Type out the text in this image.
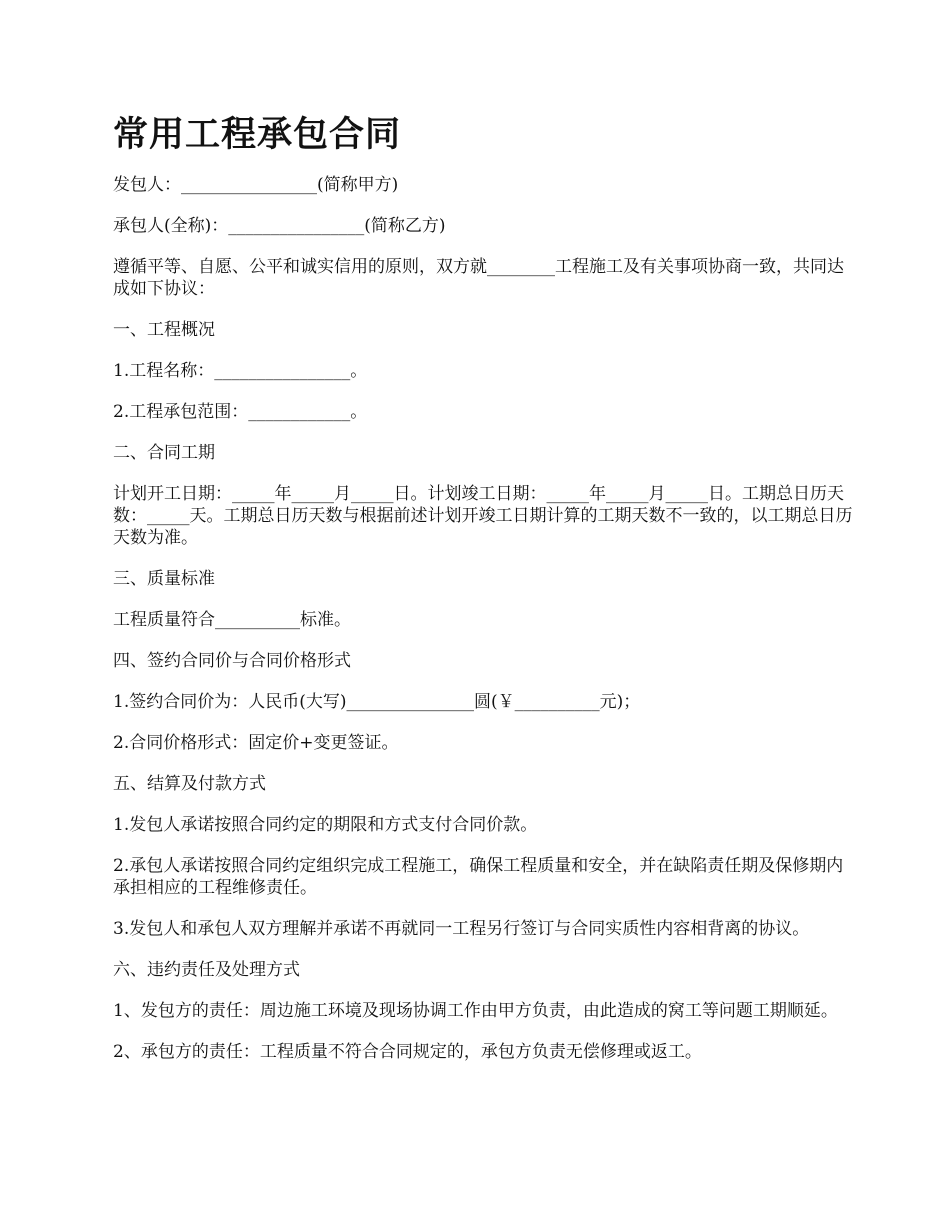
常用工程承包合同

发包人：________________(简称甲方)

承包人(全称)：________________(简称乙方)

遵循平等、自愿、公平和诚实信用的原则，双方就________工程施工及有关事项协商一致，共同达成如下协议：

一、工程概况

1.工程名称：________________。

2.工程承包范围：____________。

二、合同工期

计划开工日期：_____年_____月_____日。计划竣工日期：_____年_____月_____日。工期总日历天数：_____天。工期总日历天数与根据前述计划开竣工日期计算的工期天数不一致的，以工期总日历天数为准。

三、质量标准

工程质量符合__________标准。

四、签约合同价与合同价格形式

1.签约合同价为：人民币(大写)_______________圆(￥__________元)；

2.合同价格形式：固定价+变更签证。

五、结算及付款方式

1.发包人承诺按照合同约定的期限和方式支付合同价款。

2.承包人承诺按照合同约定组织完成工程施工，确保工程质量和安全，并在缺陷责任期及保修期内承担相应的工程维修责任。

3.发包人和承包人双方理解并承诺不再就同一工程另行签订与合同实质性内容相背离的协议。

六、违约责任及处理方式

1、发包方的责任：周边施工环境及现场协调工作由甲方负责，由此造成的窝工等问题工期顺延。

2、承包方的责任：工程质量不符合合同规定的，承包方负责无偿修理或返工。
